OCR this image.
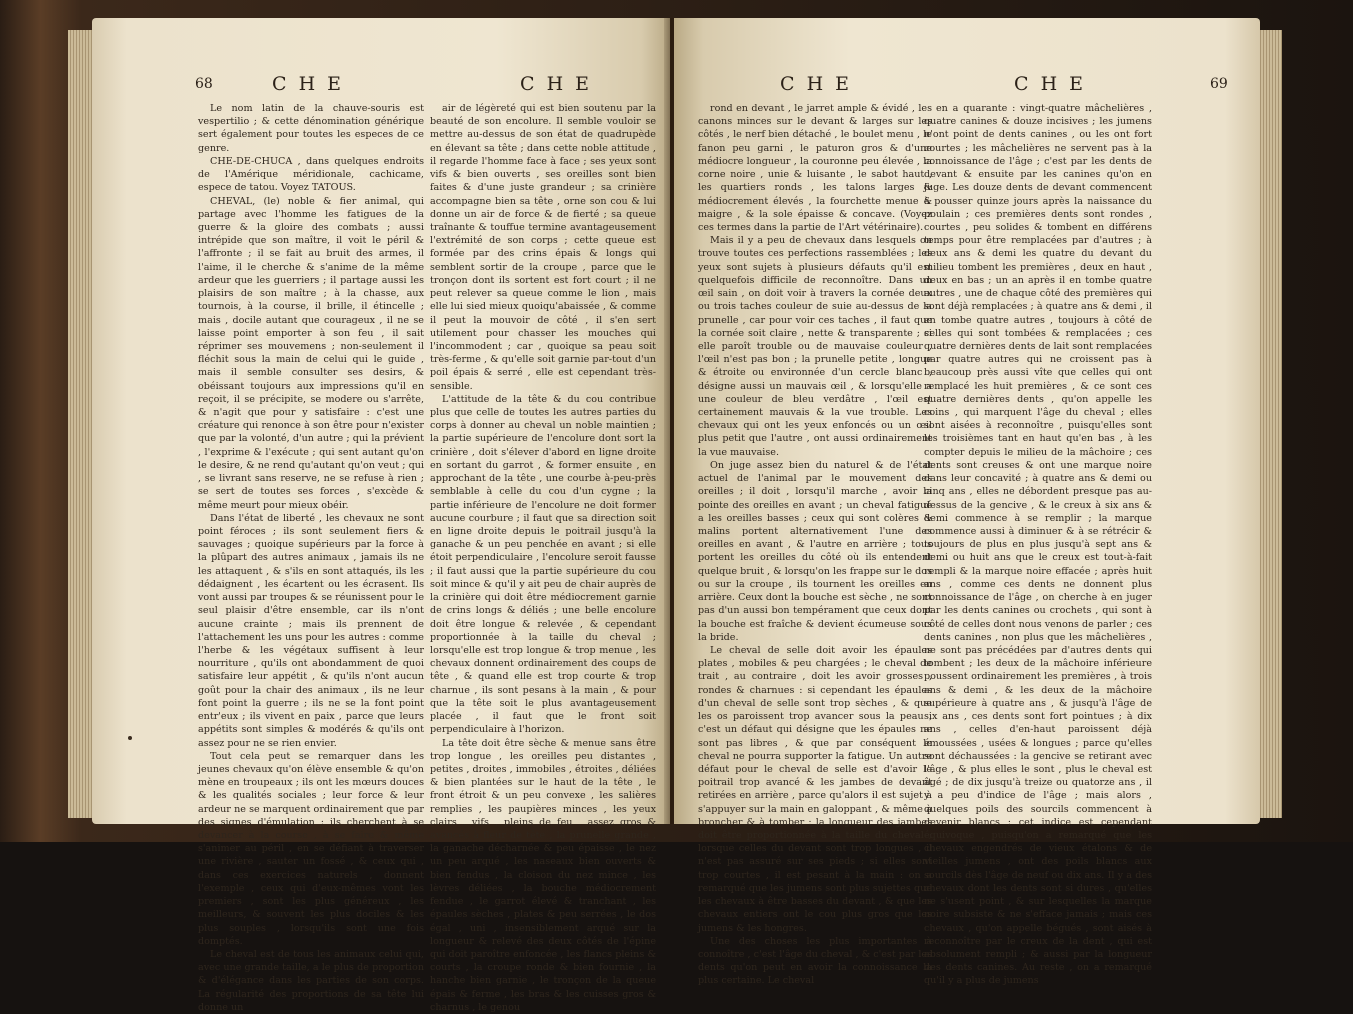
68	C H E	C H E

Le nom latin de la chauve-souris est vespertilio ; & cette dénomination générique sert également pour toutes les especes de ce genre.

CHE-DE-CHUCA , dans quelques endroits de l'Amérique méridionale, cachicame, espece de tatou. Voyez TATOUS.

CHEVAL, (le) noble & fier animal, qui partage avec l'homme les fatigues de la guerre & la gloire des combats ; aussi intrépide que son maître, il voit le péril & l'affronte ; il se fait au bruit des armes, il l'aime, il le cherche & s'anime de la même ardeur que les guerriers ; il partage aussi les plaisirs de son maître ; à la chasse, aux tournois, à la course, il brille, il étincelle ; mais , docile autant que courageux , il ne se laisse point emporter à son feu , il sait réprimer ses mouvemens ; non-seulement il fléchit sous la main de celui qui le guide , mais il semble consulter ses desirs, & obéissant toujours aux impressions qu'il en reçoit, il se précipite, se modere ou s'arrête, & n'agit que pour y satisfaire : c'est une créature qui renonce à son être pour n'exister que par la volonté, d'un autre ; qui la prévient , l'exprime & l'exécute ; qui sent autant qu'on le desire, & ne rend qu'autant qu'on veut ; qui , se livrant sans reserve, ne se refuse à rien ; se sert de toutes ses forces , s'excède & même meurt pour mieux obéir.

Dans l'état de liberté , les chevaux ne sont point féroces ; ils sont seulement fiers & sauvages ; quoique supérieurs par la force à la plûpart des autres animaux , jamais ils ne les attaquent , & s'ils en sont attaqués, ils les dédaignent , les écartent ou les écrasent. Ils vont aussi par troupes & se réunissent pour le seul plaisir d'être ensemble, car ils n'ont aucune crainte ; mais ils prennent de l'attachement les uns pour les autres : comme l'herbe & les végétaux suffisent à leur nourriture , qu'ils ont abondamment de quoi satisfaire leur appétit , & qu'ils n'ont aucun goût pour la chair des animaux , ils ne leur font point la guerre ; ils ne se la font point entr'eux ; ils vivent en paix , parce que leurs appétits sont simples & modérés & qu'ils ont assez pour ne se rien envier.

Tout cela peut se remarquer dans les jeunes chevaux qu'on élève ensemble & qu'on mène en troupeaux ; ils ont les mœurs douces & les qualités sociales ; leur force & leur ardeur ne se marquent ordinairement que par des signes d'émulation ; ils cherchent à se devancer à la course , à se faire & même s'animer au péril , en se défiant à traverser une rivière , sauter un fossé , & ceux qui , dans ces exercices naturels , donnent l'exemple , ceux qui d'eux-mêmes vont les premiers , sont les plus généreux , les meilleurs, & souvent les plus dociles & les plus souples , lorsqu'ils sont une fois domptés.

Le cheval est de tous les animaux celui qui, avec une grande taille, a le plus de proportion & d'élégance dans les parties de son corps. La régularité des proportions de sa tête lui donne un

air de légèreté qui est bien soutenu par la beauté de son encolure. Il semble vouloir se mettre au-dessus de son état de quadrupède en élevant sa tête ; dans cette noble attitude , il regarde l'homme face à face ; ses yeux sont vifs & bien ouverts , ses oreilles sont bien faites & d'une juste grandeur ; sa crinière accompagne bien sa tête , orne son cou & lui donne un air de force & de fierté ; sa queue traînante & touffue termine avantageusement l'extrémité de son corps ; cette queue est formée par des crins épais & longs qui semblent sortir de la croupe , parce que le tronçon dont ils sortent est fort court ; il ne peut relever sa queue comme le lion , mais elle lui sied mieux quoiqu'abaissée , & comme il peut la mouvoir de côté , il s'en sert utilement pour chasser les mouches qui l'incommodent ; car , quoique sa peau soit très-ferme , & qu'elle soit garnie par-tout d'un poil épais & serré , elle est cependant très-sensible.

L'attitude de la tête & du cou contribue plus que celle de toutes les autres parties du corps à donner au cheval un noble maintien ; la partie supérieure de l'encolure dont sort la crinière , doit s'élever d'abord en ligne droite en sortant du garrot , & former ensuite , en approchant de la tête , une courbe à-peu-près semblable à celle du cou d'un cygne ; la partie inférieure de l'encolure ne doit former aucune courbure ; il faut que sa direction soit en ligne droite depuis le poitrail jusqu'à la ganache & un peu penchée en avant ; si elle étoit perpendiculaire , l'encolure seroit fausse ; il faut aussi que la partie supérieure du cou soit mince & qu'il y ait peu de chair auprès de la crinière qui doit être médiocrement garnie de crins longs & déliés ; une belle encolure doit être longue & relevée , & cependant proportionnée à la taille du cheval ; lorsqu'elle est trop longue & trop menue , les chevaux donnent ordinairement des coups de tête , & quand elle est trop courte & trop charnue , ils sont pesans à la main , & pour que la tête soit le plus avantageusement placée , il faut que le front soit perpendiculaire à l'horizon.

La tête doit être sèche & menue sans être trop longue , les oreilles peu distantes , petites , droites , immobiles , étroites , déliées & bien plantées sur le haut de la tête , le front étroit & un peu convexe , les salières remplies , les paupières minces , les yeux clairs , vifs , pleins de feu , assez gros & avancés à fleur de tête , la prunelle grande , la ganache décharnée & peu épaisse , le nez un peu arqué , les naseaux bien ouverts & bien fendus , la cloison du nez mince , les lèvres déliées , la bouche médiocrement fendue , le garrot élevé & tranchant , les épaules sèches , plates & peu serrées , le dos égal , uni , insensiblement arqué sur la longueur & relevé des deux côtés de l'épine qui doit paroître enfoncée , les flancs pleins & courts , la croupe ronde & bien fournie , la hanche bien garnie , le tronçon de la queue épais & ferme , les bras & les cuisses gros & charnus , le genou

C H E	C H E	69

rond en devant , le jarret ample & évidé , les canons minces sur le devant & larges sur les côtés , le nerf bien détaché , le boulet menu , le fanon peu garni , le paturon gros & d'une médiocre longueur , la couronne peu élevée , la corne noire , unie & luisante , le sabot haut , les quartiers ronds , les talons larges & médiocrement élevés , la fourchette menue & maigre , & la sole épaisse & concave. (Voyez ces termes dans la partie de l'Art vétérinaire).

Mais il y a peu de chevaux dans lesquels on trouve toutes ces perfections rassemblées ; les yeux sont sujets à plusieurs défauts qu'il est quelquefois difficile de reconnoître. Dans un œil sain , on doit voir à travers la cornée deux ou trois taches couleur de suie au-dessus de la prunelle , car pour voir ces taches , il faut que la cornée soit claire , nette & transparente ; si elle paroît trouble ou de mauvaise couleur , l'œil n'est pas bon ; la prunelle petite , longue & étroite ou environnée d'un cercle blanc , désigne aussi un mauvais œil , & lorsqu'elle a une couleur de bleu verdâtre , l'œil est certainement mauvais & la vue trouble. Les chevaux qui ont les yeux enfoncés ou un œil plus petit que l'autre , ont aussi ordinairement la vue mauvaise.

On juge assez bien du naturel & de l'état actuel de l'animal par le mouvement des oreilles ; il doit , lorsqu'il marche , avoir la pointe des oreilles en avant ; un cheval fatigué a les oreilles basses ; ceux qui sont colères & malins portent alternativement l'une des oreilles en avant , & l'autre en arrière ; tous portent les oreilles du côté où ils entendent quelque bruit , & lorsqu'on les frappe sur le dos ou sur la croupe , ils tournent les oreilles en arrière. Ceux dont la bouche est sèche , ne sont pas d'un aussi bon tempérament que ceux dont la bouche est fraîche & devient écumeuse sous la bride.

Le cheval de selle doit avoir les épaules plates , mobiles & peu chargées ; le cheval de trait , au contraire , doit les avoir grosses , rondes & charnues : si cependant les épaules d'un cheval de selle sont trop sèches , & que les os paroissent trop avancer sous la peau , c'est un défaut qui désigne que les épaules ne sont pas libres , & que par conséquent le cheval ne pourra supporter la fatigue. Un autre défaut pour le cheval de selle est d'avoir le poitrail trop avancé & les jambes de devant retirées en arrière , parce qu'alors il est sujet à s'appuyer sur la main en galoppant , & même à broncher & à tomber : la longueur des jambes doit être proportionnée à la taille du cheval ; lorsque celles du devant sont trop longues , il n'est pas assuré sur ses pieds ; si elles sont trop courtes , il est pesant à la main : on a remarqué que les jumens sont plus sujettes que les chevaux à être basses du devant , & que les chevaux entiers ont le cou plus gros que les jumens & les hongres.

Une des choses les plus importantes à connoître , c'est l'âge du cheval , & c'est par les dents qu'on peut en avoir la connoissance la plus certaine. Le cheval

en a quarante : vingt-quatre mâchelières , quatre canines & douze incisives ; les jumens n'ont point de dents canines , ou les ont fort courtes ; les mâchelières ne servent pas à la connoissance de l'âge ; c'est par les dents de devant & ensuite par les canines qu'on en juge. Les douze dents de devant commencent à pousser quinze jours après la naissance du poulain ; ces premières dents sont rondes , courtes , peu solides & tombent en différens temps pour être remplacées par d'autres ; à deux ans & demi les quatre du devant du milieu tombent les premières , deux en haut , deux en bas ; un an après il en tombe quatre autres , une de chaque côté des premières qui sont déjà remplacées ; à quatre ans & demi , il en tombe quatre autres , toujours à côté de celles qui sont tombées & remplacées ; ces quatre dernières dents de lait sont remplacées par quatre autres qui ne croissent pas à beaucoup près aussi vîte que celles qui ont remplacé les huit premières , & ce sont ces quatre dernières dents , qu'on appelle les coins , qui marquent l'âge du cheval ; elles sont aisées à reconnoître , puisqu'elles sont les troisièmes tant en haut qu'en bas , à les compter depuis le milieu de la mâchoire ; ces dents sont creuses & ont une marque noire dans leur concavité ; à quatre ans & demi ou cinq ans , elles ne débordent presque pas au-dessus de la gencive , & le creux à six ans & demi commence à se remplir ; la marque commence aussi à diminuer & à se rétrécir & toujours de plus en plus jusqu'à sept ans & demi ou huit ans que le creux est tout-à-fait rempli & la marque noire effacée ; après huit ans , comme ces dents ne donnent plus connoissance de l'âge , on cherche à en juger par les dents canines ou crochets , qui sont à côté de celles dont nous venons de parler ; ces dents canines , non plus que les mâchelières , ne sont pas précédées par d'autres dents qui tombent ; les deux de la mâchoire inférieure poussent ordinairement les premières , à trois ans & demi , & les deux de la mâchoire supérieure à quatre ans , & jusqu'à l'âge de six ans , ces dents sont fort pointues ; à dix ans , celles d'en-haut paroissent déjà émoussées , usées & longues ; parce qu'elles sont déchaussées : la gencive se retirant avec l'âge , & plus elles le sont , plus le cheval est âgé ; de dix jusqu'à treize ou quatorze ans , il y a peu d'indice de l'âge ; mais alors , quelques poils des sourcils commencent à devenir blancs ; cet indice est cependant équivoque , puisqu'on a remarqué que les chevaux engendrés de vieux étalons & de vieilles jumens , ont des poils blancs aux sourcils dès l'âge de neuf ou dix ans. Il y a des chevaux dont les dents sont si dures , qu'elles ne s'usent point , & sur lesquelles la marque noire subsiste & ne s'efface jamais ; mais ces chevaux , qu'on appelle bégués , sont aisés à reconnoître par le creux de la dent , qui est absolument rempli ; & aussi par la longueur des dents canines. Au reste , on a remarqué qu'il y a plus de jumens
